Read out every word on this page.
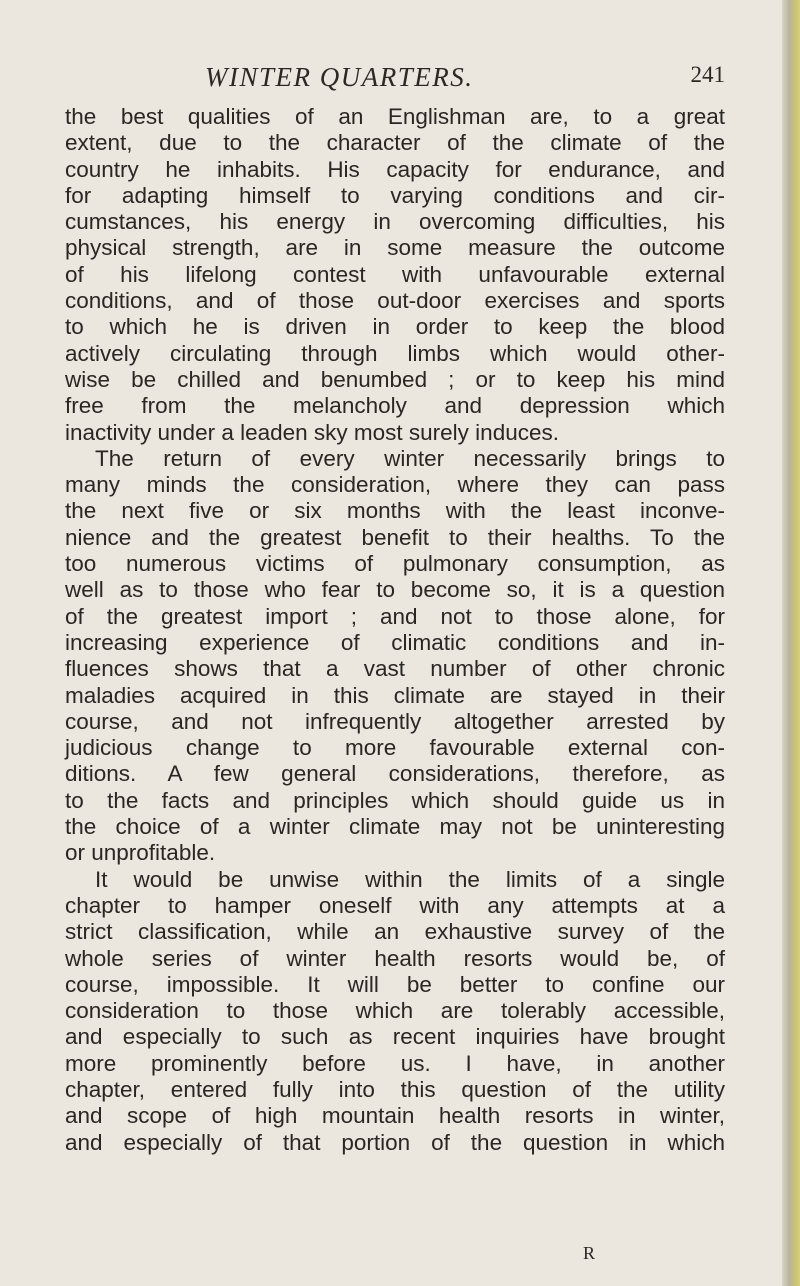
WINTER QUARTERS.	241
the best qualities of an Englishman are, to a great
extent, due to the character of the climate of the
country he inhabits. His capacity for endurance, and
for adapting himself to varying conditions and cir-
cumstances, his energy in overcoming difficulties, his
physical strength, are in some measure the outcome
of his lifelong contest with unfavourable external
conditions, and of those out-door exercises and sports
to which he is driven in order to keep the blood
actively circulating through limbs which would other-
wise be chilled and benumbed ; or to keep his mind
free from the melancholy and depression which
inactivity under a leaden sky most surely induces.
The return of every winter necessarily brings to
many minds the consideration, where they can pass
the next five or six months with the least inconve-
nience and the greatest benefit to their healths. To the
too numerous victims of pulmonary consumption, as
well as to those who fear to become so, it is a question
of the greatest import ; and not to those alone, for
increasing experience of climatic conditions and in-
fluences shows that a vast number of other chronic
maladies acquired in this climate are stayed in their
course, and not infrequently altogether arrested by
judicious change to more favourable external con-
ditions. A few general considerations, therefore, as
to the facts and principles which should guide us in
the choice of a winter climate may not be uninteresting
or unprofitable.
It would be unwise within the limits of a single
chapter to hamper oneself with any attempts at a
strict classification, while an exhaustive survey of the
whole series of winter health resorts would be, of
course, impossible. It will be better to confine our
consideration to those which are tolerably accessible,
and especially to such as recent inquiries have brought
more prominently before us. I have, in another
chapter, entered fully into this question of the utility
and scope of high mountain health resorts in winter,
and especially of that portion of the question in which
R
